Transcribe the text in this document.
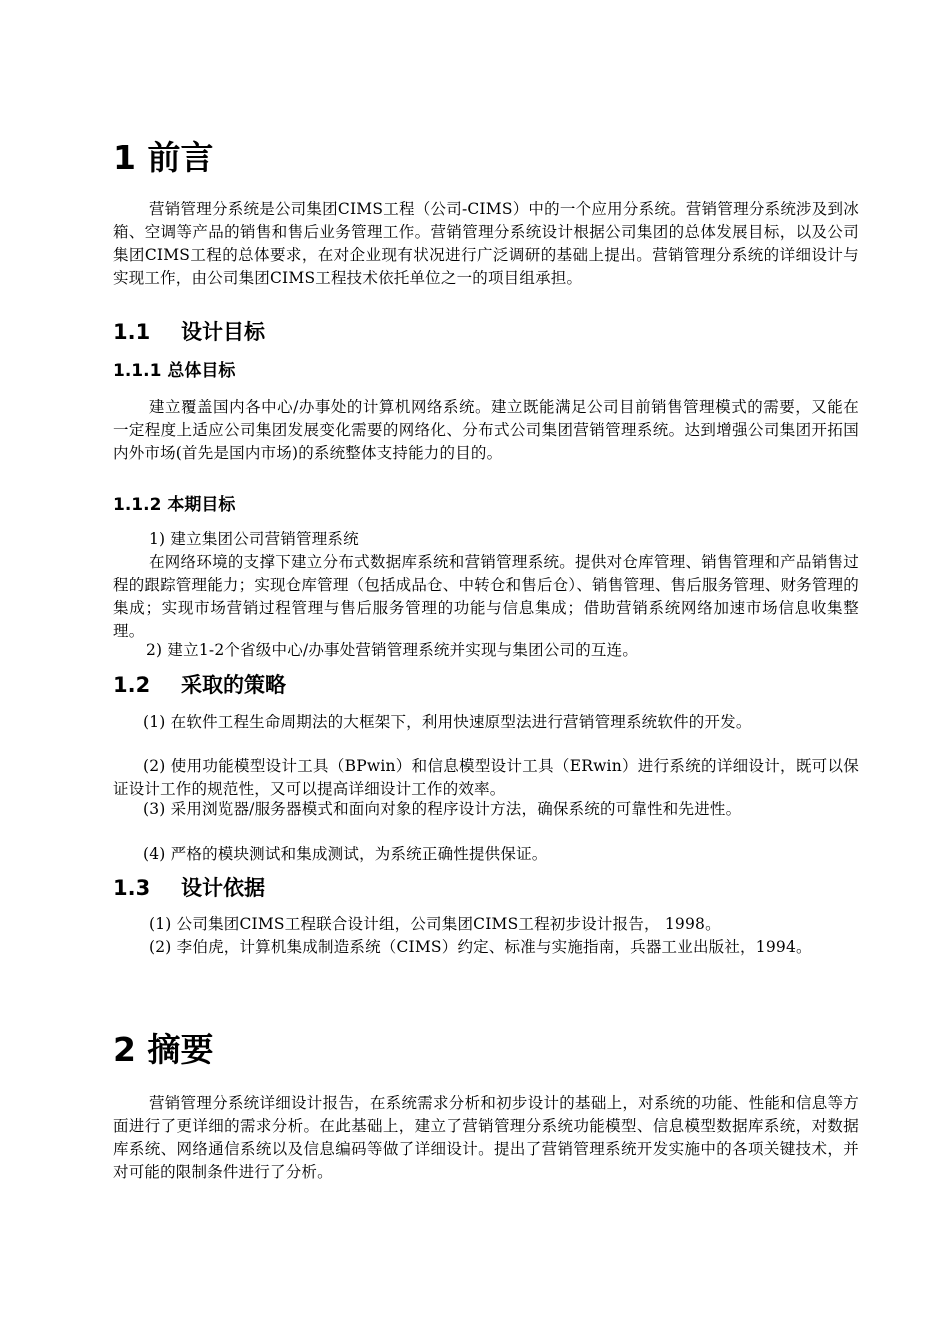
1 前言
营销管理分系统是公司集团CIMS工程（公司-CIMS）中的一个应用分系统。营销管理分系统涉及到冰箱、空调等产品的销售和售后业务管理工作。营销管理分系统设计根据公司集团的总体发展目标，以及公司集团CIMS工程的总体要求，在对企业现有状况进行广泛调研的基础上提出。营销管理分系统的详细设计与实现工作，由公司集团CIMS工程技术依托单位之一的项目组承担。
1.1 设计目标
1.1.1 总体目标
建立覆盖国内各中心/办事处的计算机网络系统。建立既能满足公司目前销售管理模式的需要，又能在一定程度上适应公司集团发展变化需要的网络化、分布式公司集团营销管理系统。达到增强公司集团开拓国内外市场(首先是国内市场)的系统整体支持能力的目的。
1.1.2 本期目标
1) 建立集团公司营销管理系统
在网络环境的支撑下建立分布式数据库系统和营销管理系统。提供对仓库管理、销售管理和产品销售过程的跟踪管理能力；实现仓库管理（包括成品仓、中转仓和售后仓）、销售管理、售后服务管理、财务管理的集成；实现市场营销过程管理与售后服务管理的功能与信息集成；借助营销系统网络加速市场信息收集整理。
2) 建立1-2个省级中心/办事处营销管理系统并实现与集团公司的互连。
1.2 采取的策略
(1) 在软件工程生命周期法的大框架下，利用快速原型法进行营销管理系统软件的开发。
(2) 使用功能模型设计工具（BPwin）和信息模型设计工具（ERwin）进行系统的详细设计，既可以保证设计工作的规范性，又可以提高详细设计工作的效率。
(3) 采用浏览器/服务器模式和面向对象的程序设计方法，确保系统的可靠性和先进性。
(4) 严格的模块测试和集成测试，为系统正确性提供保证。
1.3 设计依据
(1) 公司集团CIMS工程联合设计组，公司集团CIMS工程初步设计报告， 1998。
(2) 李伯虎，计算机集成制造系统（CIMS）约定、标准与实施指南，兵器工业出版社，1994。
2 摘要
营销管理分系统详细设计报告，在系统需求分析和初步设计的基础上，对系统的功能、性能和信息等方面进行了更详细的需求分析。在此基础上，建立了营销管理分系统功能模型、信息模型数据库系统，对数据库系统、网络通信系统以及信息编码等做了详细设计。提出了营销管理系统开发实施中的各项关键技术，并对可能的限制条件进行了分析。
